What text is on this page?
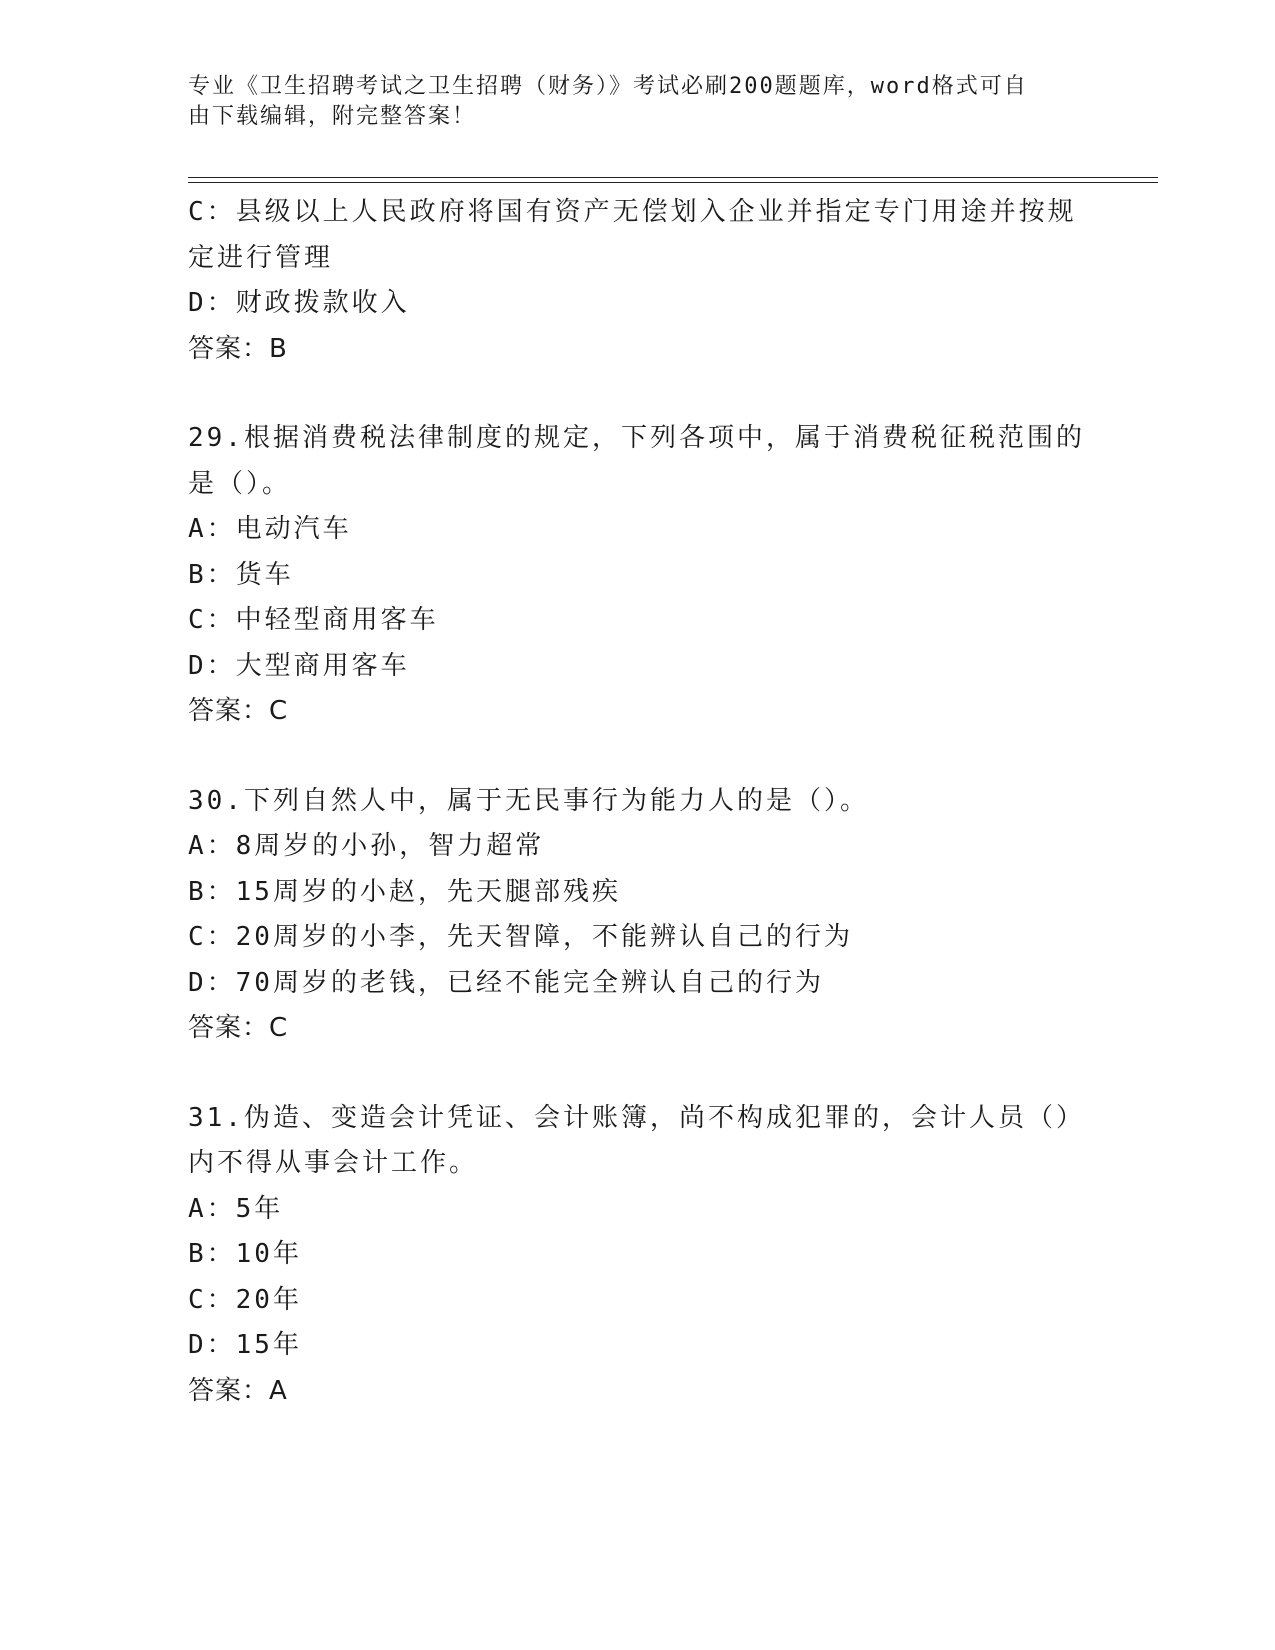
专业《卫生招聘考试之卫生招聘（财务）》考试必刷200题题库，word格式可自
由下载编辑，附完整答案！
C：县级以上人民政府将国有资产无偿划入企业并指定专门用途并按规
定进行管理
D：财政拨款收入
答案：B
29.根据消费税法律制度的规定，下列各项中，属于消费税征税范围的
是（）。
A：电动汽车
B：货车
C：中轻型商用客车
D：大型商用客车
答案：C
30.下列自然人中，属于无民事行为能力人的是（）。
A：8周岁的小孙，智力超常
B：15周岁的小赵，先天腿部残疾
C：20周岁的小李，先天智障，不能辨认自己的行为
D：70周岁的老钱，已经不能完全辨认自己的行为
答案：C
31.伪造、变造会计凭证、会计账簿，尚不构成犯罪的，会计人员（）
内不得从事会计工作。
A：5年
B：10年
C：20年
D：15年
答案：A
